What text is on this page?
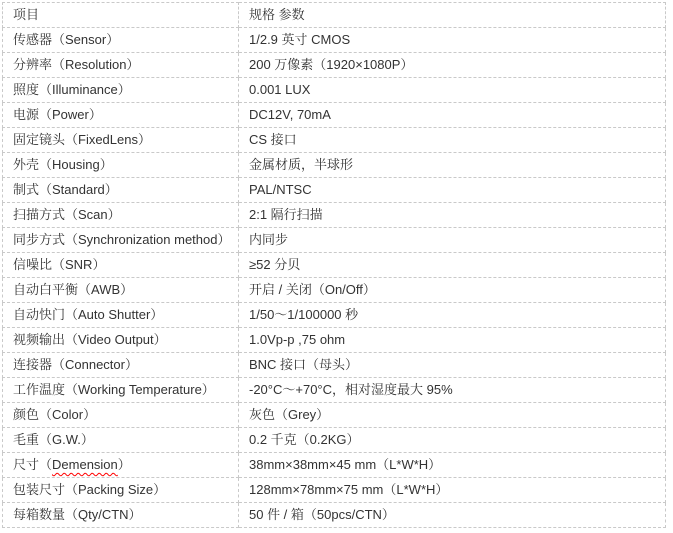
项目	规格 参数
传感器（Sensor）	1/2.9 英寸 CMOS
分辨率（Resolution）	200 万像素（1920×1080P）
照度（Illuminance）	0.001 LUX
电源（Power）	DC12V, 70mA
固定镜头（FixedLens）	CS 接口
外壳（Housing）	金属材质，半球形
制式（Standard）	PAL/NTSC
扫描方式（Scan）	2:1 隔行扫描
同步方式（Synchronization method）	内同步
信噪比（SNR）	≥52 分贝
自动白平衡（AWB）	开启 / 关闭（On/Off）
自动快门（Auto Shutter）	1/50～1/100000 秒
视频输出（Video Output）	1.0Vp-p ,75 ohm
连接器（Connector）	BNC 接口（母头）
工作温度（Working Temperature）	-20°C～+70°C，相对湿度最大 95%
颜色（Color）	灰色（Grey）
毛重（G.W.）	0.2 千克（0.2KG）
尺寸（Demension）	38mm×38mm×45 mm（L*W*H）
包装尺寸（Packing Size）	128mm×78mm×75 mm（L*W*H）
每箱数量（Qty/CTN）	50 件 / 箱（50pcs/CTN）
